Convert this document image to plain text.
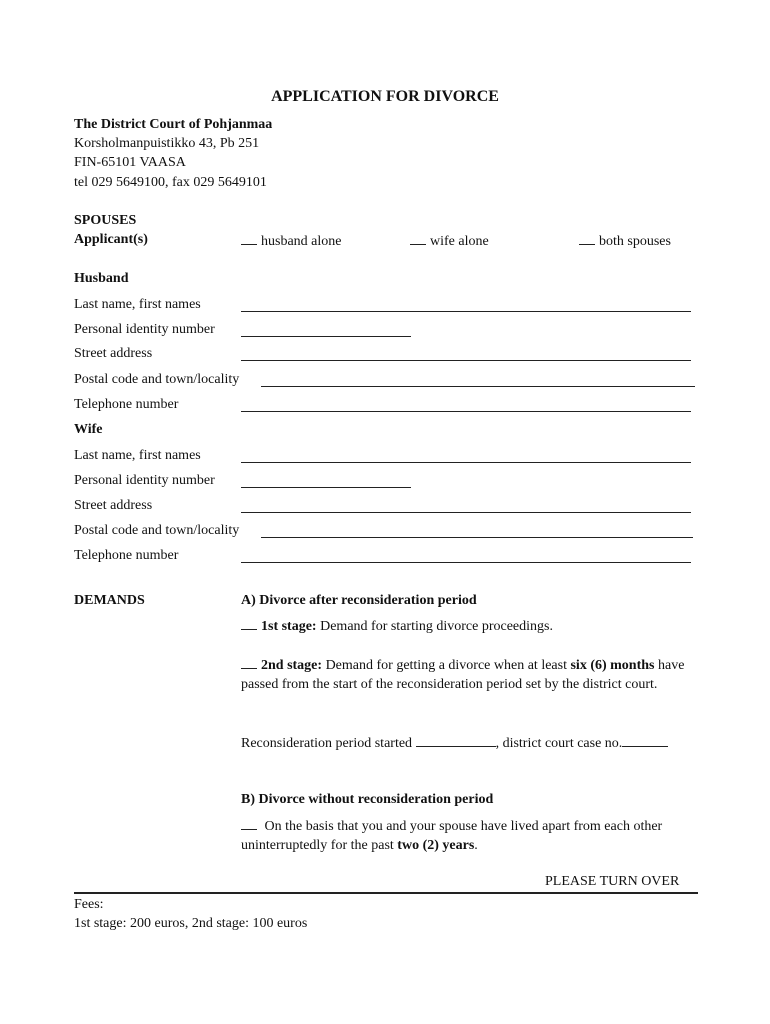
APPLICATION FOR DIVORCE
The District Court of Pohjanmaa
Korsholmanpuistikko 43, Pb 251
FIN-65101 VAASA
tel 029 5649100, fax 029 5649101
SPOUSES
Applicant(s)	husband alone	wife alone	both spouses
Husband
Last name, first names
Personal identity number
Street address
Postal code and town/locality
Telephone number
Wife
Last name, first names
Personal identity number
Street address
Postal code and town/locality
Telephone number
DEMANDS	A) Divorce after reconsideration period
1st stage: Demand for starting divorce proceedings.
2nd stage: Demand for getting a divorce when at least six (6) months have passed from the start of the reconsideration period set by the district court.
Reconsideration period started	, district court case no.
B) Divorce without reconsideration period
On the basis that you and your spouse have lived apart from each other uninterruptedly for the past two (2) years.
PLEASE TURN OVER
Fees:
1st stage: 200 euros, 2nd stage: 100 euros
